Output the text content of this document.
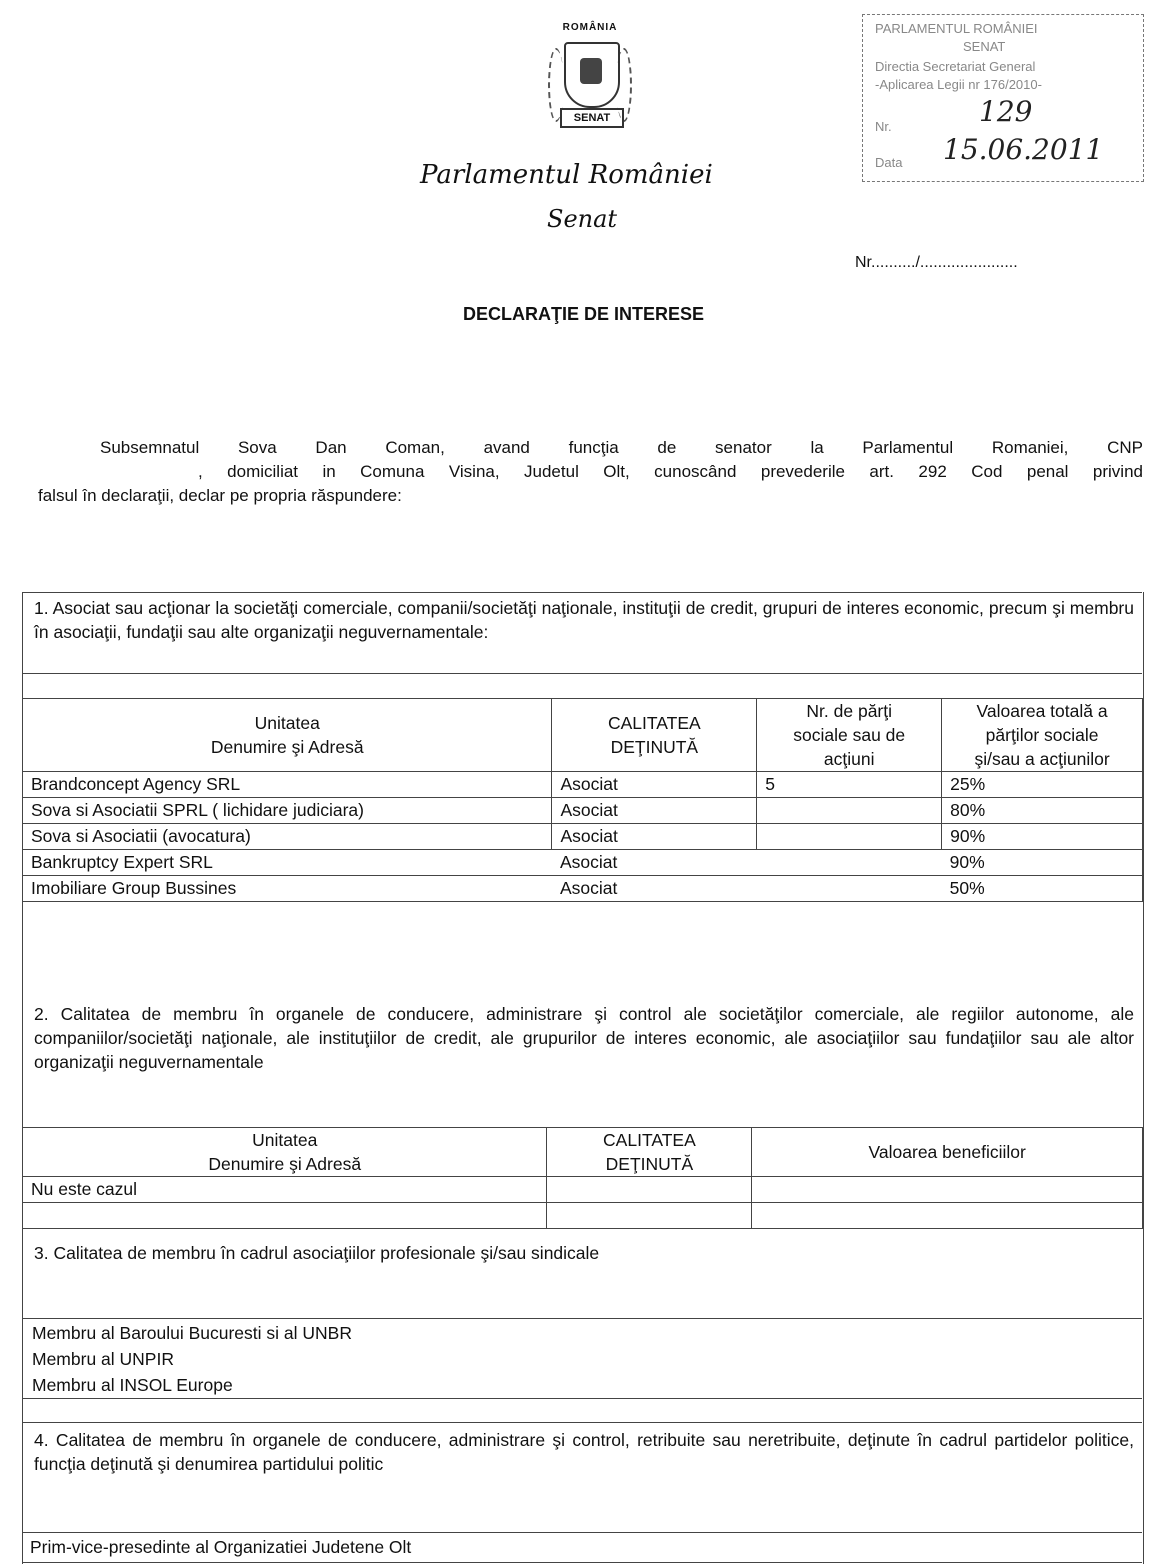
ROMÂNIA
SENAT
Parlamentul României
Senat
PARLAMENTUL ROMÂNIEI
SENAT
Directia Secretariat General
-Aplicarea Legii nr 176/2010-
Nr.	129
Data 15.06.2011
Nr........../......................
DECLARAŢIE DE INTERESE
Subsemnatul Sova Dan Coman, avand funcţia de senator la Parlamentul Romaniei, CNP
, domiciliat in Comuna Visina, Judetul Olt, cunoscând prevederile art. 292 Cod penal privind
falsul în declaraţii, declar pe propria răspundere:
1. Asociat sau acţionar la societăţi comerciale, companii/societăţi naţionale, instituţii de credit, grupuri de interes economic, precum şi membru în asociaţii, fundaţii sau alte organizaţii neguvernamentale:
Unitatea
Denumire şi Adresă

CALITATEA
DEŢINUTĂ

Nr. de părţi
sociale sau de
acţiuni

Valoarea totală a
părţilor sociale
şi/sau a acţiunilor

Brandconcept Agency SRL	Asociat	5	25%
Sova si Asociatii SPRL ( lichidare judiciara)	Asociat		80%
Sova si Asociatii (avocatura)	Asociat		90%
Bankruptcy Expert SRL	Asociat		90%
Imobiliare Group Bussines	Asociat		50%
2. Calitatea de membru în organele de conducere, administrare şi control ale societăţilor comerciale, ale regiilor autonome, ale companiilor/societăţi naţionale, ale instituţiilor de credit, ale grupurilor de interes economic, ale asociaţiilor sau fundaţiilor sau ale altor organizaţii neguvernamentale
Unitatea
Denumire şi Adresă

CALITATEA
DEŢINUTĂ
	Valoarea beneficiilor
Nu este cazul		

3. Calitatea de membru în cadrul asociaţiilor profesionale şi/sau sindicale
Membru al Baroului Bucuresti si al UNBR
Membru al UNPIR
Membru al INSOL Europe
4. Calitatea de membru în organele de conducere, administrare şi control, retribuite sau neretribuite, deţinute în cadrul partidelor politice, funcţia deţinută şi denumirea partidului politic
Prim-vice-presedinte al Organizatiei Judetene Olt
